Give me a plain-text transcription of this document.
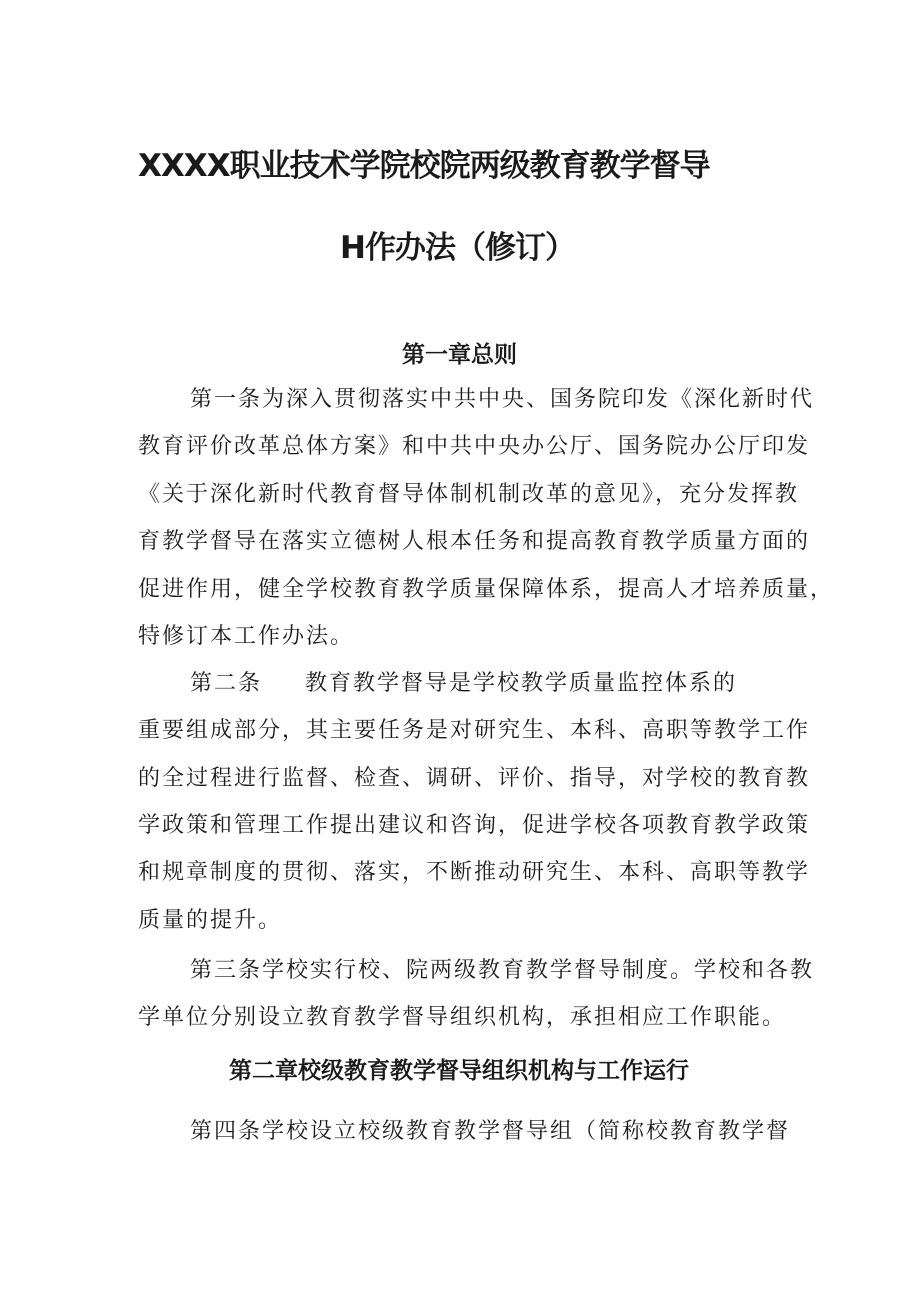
XXXX职业技术学院校院两级教育教学督导
H作办法（修订）
第一章总则

第一条为深入贯彻落实中共中央、国务院印发《深化新时代

教育评价改革总体方案》和中共中央办公厅、国务院办公厅印发

《关于深化新时代教育督导体制机制改革的意见》，充分发挥教

育教学督导在落实立德树人根本任务和提高教育教学质量方面的

促进作用，健全学校教育教学质量保障体系，提高人才培养质量，

特修订本工作办法。

第二条 教育教学督导是学校教学质量监控体系的

重要组成部分，其主要任务是对研究生、本科、高职等教学工作

的全过程进行监督、检查、调研、评价、指导，对学校的教育教

学政策和管理工作提出建议和咨询，促进学校各项教育教学政策

和规章制度的贯彻、落实，不断推动研究生、本科、高职等教学

质量的提升。

第三条学校实行校、院两级教育教学督导制度。学校和各教

学单位分别设立教育教学督导组织机构，承担相应工作职能。

第二章校级教育教学督导组织机构与工作运行

第四条学校设立校级教育教学督导组（简称校教育教学督
